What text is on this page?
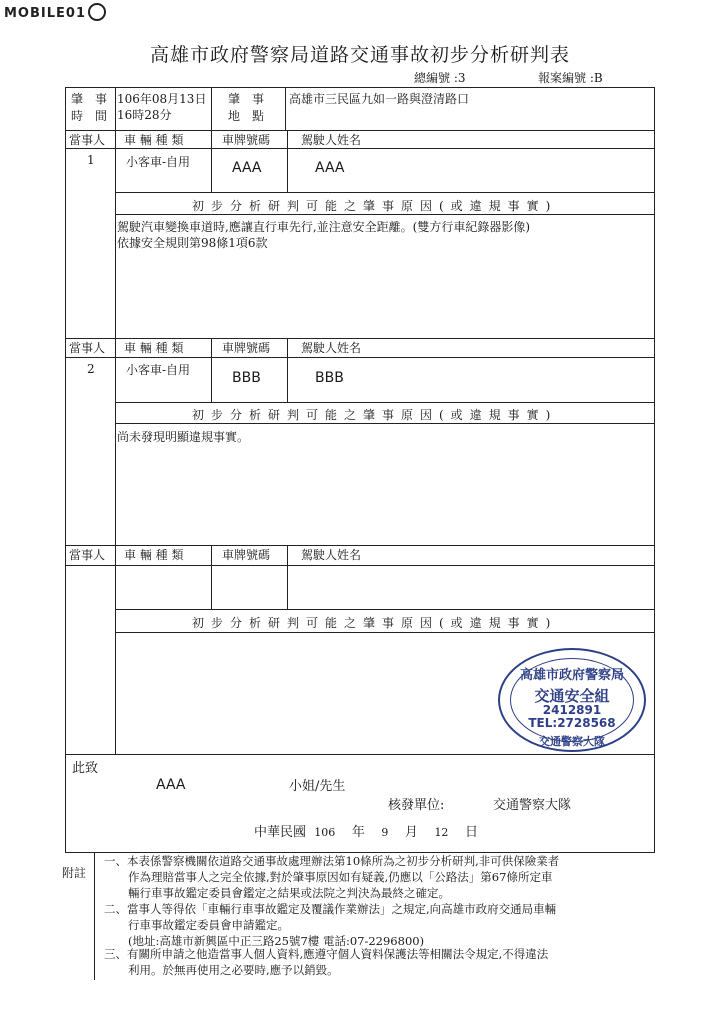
MOBILE01
高雄市政府警察局道路交通事故初步分析研判表
總編號 :3	報案編號 :B
肇　事
時　間
106年08月13日
16時28分
肇　事
地　點
高雄市三民區九如一路與澄清路口
當事人 車 輛 種 類	車牌號碼	駕駛人姓名
1	小客車-自用	AAA	AAA
初步分析研判可能之肇事原因(或違規事實)
駕駛汽車變換車道時,應讓直行車先行,並注意安全距離。(雙方行車紀錄器影像)
依據安全規則第98條1項6款
當事人 車 輛 種 類	車牌號碼	駕駛人姓名
2	小客車-自用	BBB	BBB
初步分析研判可能之肇事原因(或違規事實)
尚未發現明顯違規事實。
當事人 車 輛 種 類	車牌號碼	駕駛人姓名
初步分析研判可能之肇事原因(或違規事實)
高雄市政府警察局
交通安全組
2412891
TEL:2728568
交通警察大隊
此致
AAA	小姐/先生
核發單位:	交通警察大隊
中華民國 106 年 9 月 12 日
附註
一、本表係警察機關依道路交通事故處理辦法第10條所為之初步分析研判,非可供保險業者
作為理賠當事人之完全依據,對於肇事原因如有疑義,仍應以「公路法」第67條所定車
輛行車事故鑑定委員會鑑定之結果或法院之判決為最終之確定。
二、當事人等得依「車輛行車事故鑑定及覆議作業辦法」之規定,向高雄市政府交通局車輛
行車事故鑑定委員會申請鑑定。
(地址:高雄市新興區中正三路25號7樓 電話:07-2296800)
三、有關所申請之他造當事人個人資料,應遵守個人資料保護法等相關法令規定,不得違法
利用。於無再使用之必要時,應予以銷毀。
